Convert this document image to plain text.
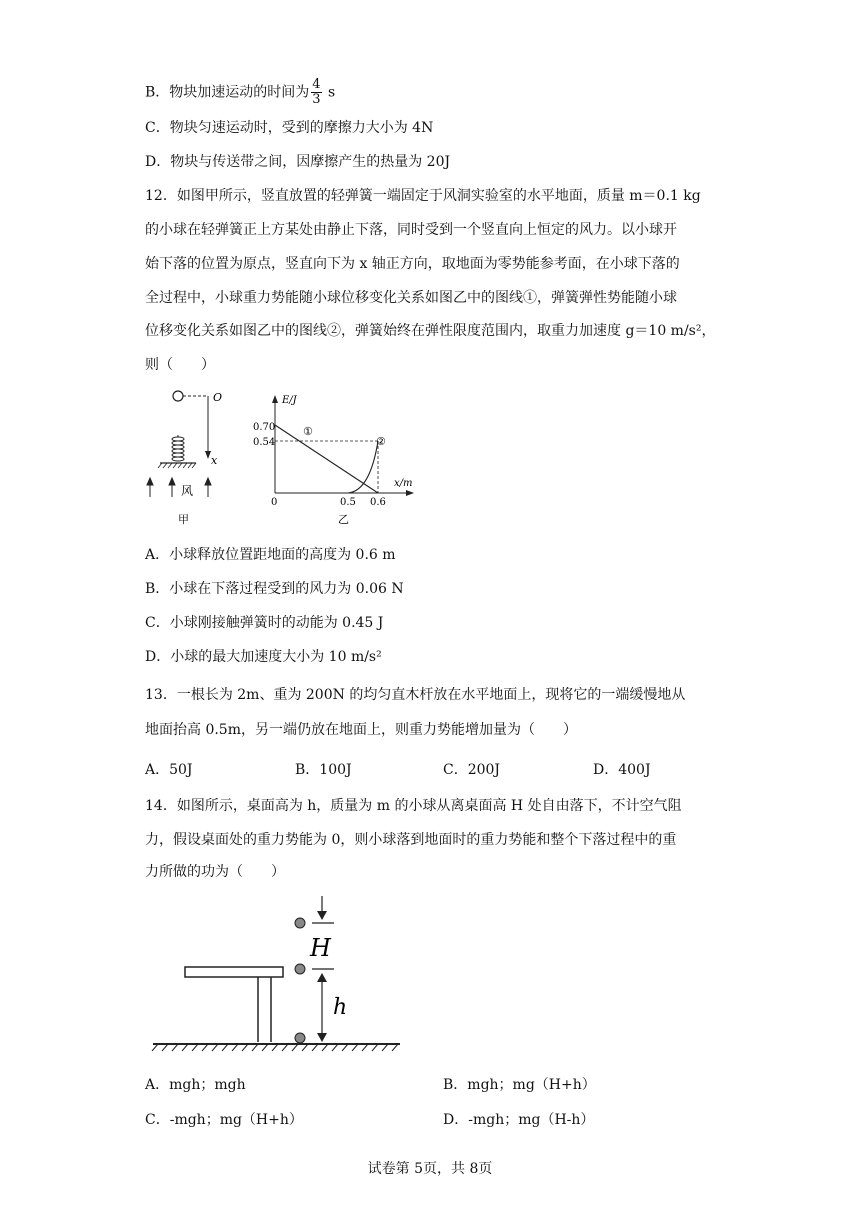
B．物块加速运动的时间为 $\frac{4}{3}$ s
C．物块匀速运动时，受到的摩擦力大小为 4N
D．物块与传送带之间，因摩擦产生的热量为 20J
12．如图甲所示，竖直放置的轻弹簧一端固定于风洞实验室的水平地面，质量 m＝0.1 kg
的小球在轻弹簧正上方某处由静止下落，同时受到一个竖直向上恒定的风力。以小球开
始下落的位置为原点，竖直向下为 x 轴正方向，取地面为零势能参考面，在小球下落的
全过程中，小球重力势能随小球位移变化关系如图乙中的图线①，弹簧弹性势能随小球
位移变化关系如图乙中的图线②，弹簧始终在弹性限度范围内，取重力加速度 g＝10 m/s²，
则（　　）
O
x
风
甲
E/J
x/m
0.70
0.54
0	0.5 0.6
①
②
乙
A．小球释放位置距地面的高度为 0.6 m
B．小球在下落过程受到的风力为 0.06 N
C．小球刚接触弹簧时的动能为 0.45 J
D．小球的最大加速度大小为 10 m/s²
13．一根长为 2m、重为 200N 的均匀直木杆放在水平地面上，现将它的一端缓慢地从
地面抬高 0.5m，另一端仍放在地面上，则重力势能增加量为（　　）
A．50J	B．100J	C．200J	D．400J
14．如图所示，桌面高为 h，质量为 m 的小球从离桌面高 H 处自由落下，不计空气阻
力，假设桌面处的重力势能为 0，则小球落到地面时的重力势能和整个下落过程中的重
力所做的功为（　　）
H
h
A．mgh；mgh	B．mgh；mg（H+h）
C．-mgh；mg（H+h）	D．-mgh；mg（H-h）
试卷第 5页，共 8页
